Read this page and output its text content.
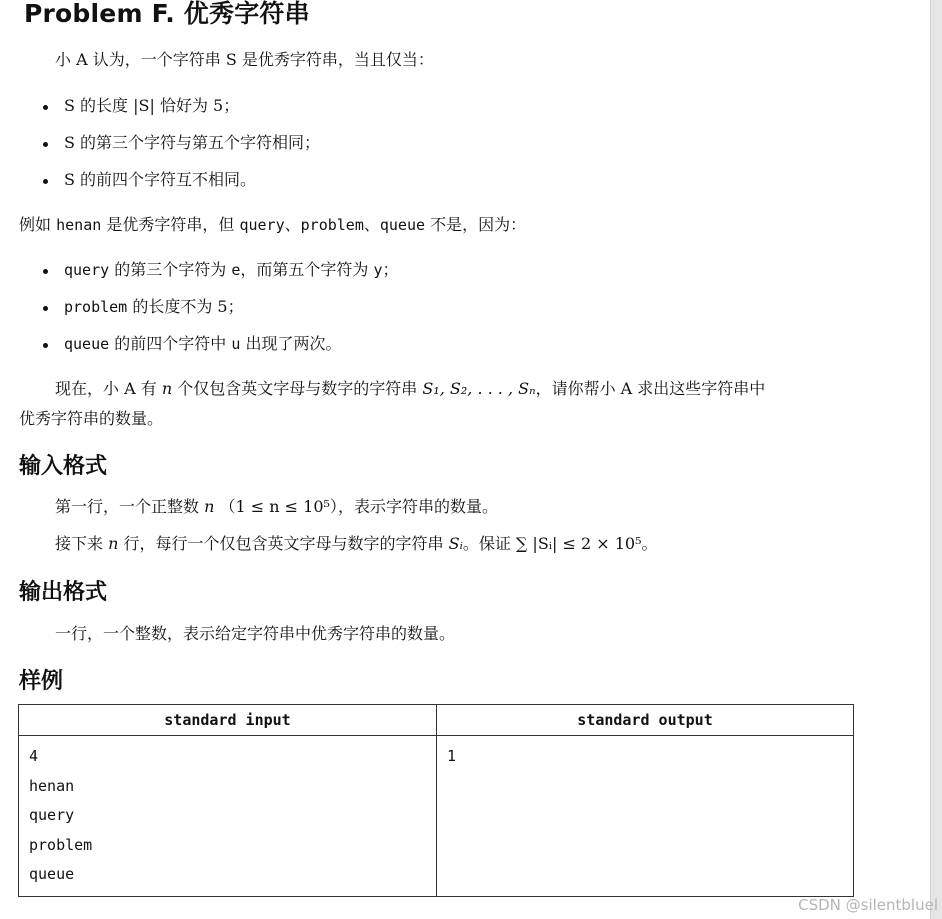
Problem F. 优秀字符串
小 A 认为，一个字符串 S 是优秀字符串，当且仅当：
S 的长度 |S| 恰好为 5；
S 的第三个字符与第五个字符相同；
S 的前四个字符互不相同。
例如 henan 是优秀字符串，但 query、problem、queue 不是，因为：
query 的第三个字符为 e，而第五个字符为 y；
problem 的长度不为 5；
queue 的前四个字符中 u 出现了两次。
现在，小 A 有 n 个仅包含英文字母与数字的字符串 S₁, S₂, . . . , Sₙ，请你帮小 A 求出这些字符串中
优秀字符串的数量。
输入格式
第一行，一个正整数 n （1 ≤ n ≤ 10⁵），表示字符串的数量。
接下来 n 行，每行一个仅包含英文字母与数字的字符串 Sᵢ。保证 ∑ |Sᵢ| ≤ 2 × 10⁵。
输出格式
一行，一个整数，表示给定字符串中优秀字符串的数量。
样例
standard input	standard output

4
henan
query
problem
queue	1
CSDN @silentbluel
